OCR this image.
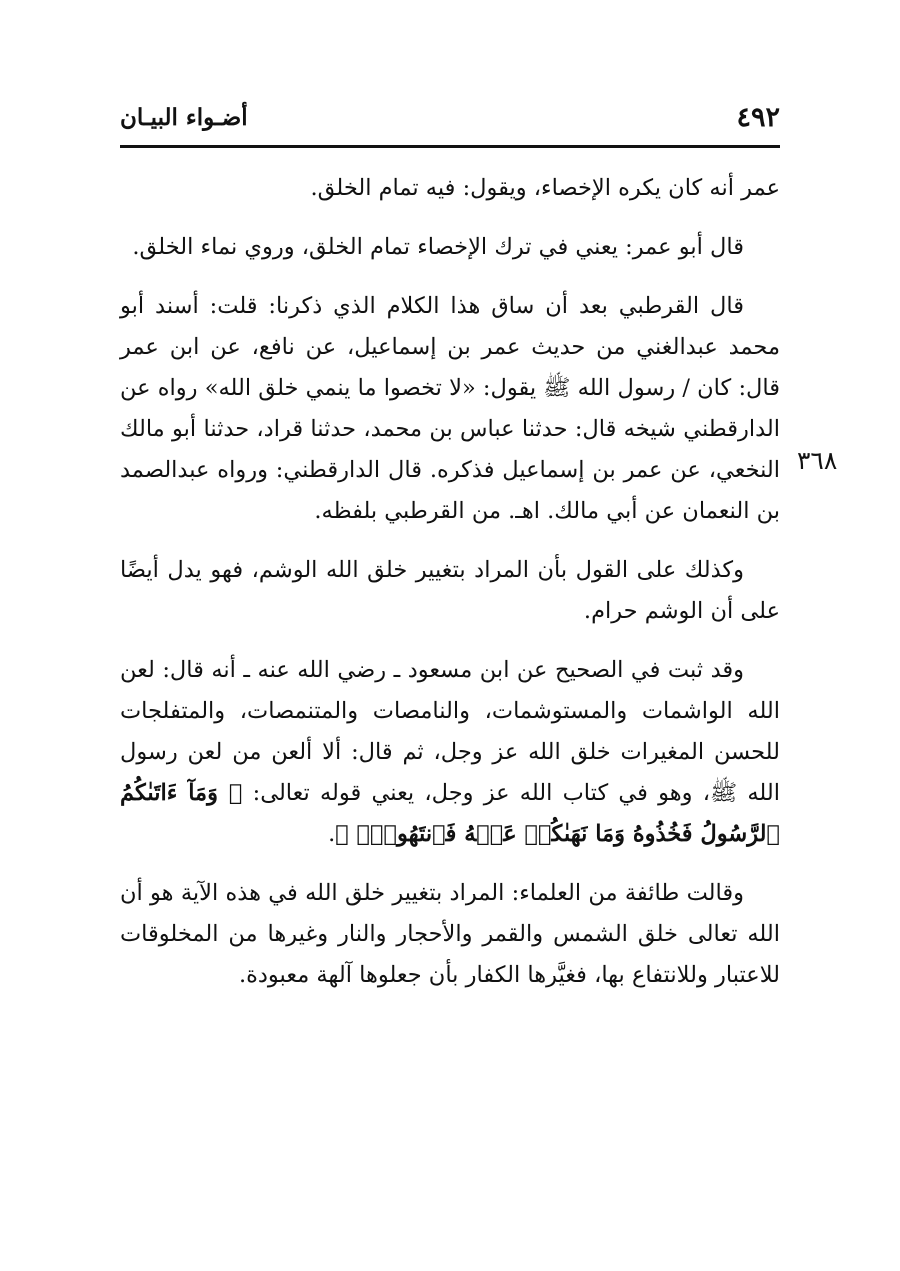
٤٩٢
أضـواء البيـان
٣٦٨

عمر أنه كان يكره الإخصاء، ويقول: فيه تمام الخلق.

قال أبو عمر: يعني في ترك الإخصاء تمام الخلق، وروي نماء الخلق.

قال القرطبي بعد أن ساق هذا الكلام الذي ذكرنا: قلت: أسند أبو محمد عبدالغني من حديث عمر بن إسماعيل، عن نافع، عن ابن عمر قال: كان / رسول الله ﷺ يقول: «لا تخصوا ما ينمي خلق الله» رواه عن الدارقطني شيخه قال: حدثنا عباس بن محمد، حدثنا قراد، حدثنا أبو مالك النخعي، عن عمر بن إسماعيل فذكره. قال الدارقطني: ورواه عبدالصمد بن النعمان عن أبي مالك. اهـ. من القرطبي بلفظه.

وكذلك على القول بأن المراد بتغيير خلق الله الوشم، فهو يدل أيضًا على أن الوشم حرام.

وقد ثبت في الصحيح عن ابن مسعود ـ رضي الله عنه ـ أنه قال: لعن الله الواشمات والمستوشمات، والنامصات والمتنمصات، والمتفلجات للحسن المغيرات خلق الله عز وجل، ثم قال: ألا ألعن من لعن رسول الله ﷺ، وهو في كتاب الله عز وجل، يعني قوله تعالى: ﴿ وَمَآ ءَاتَىٰكُمُ ٱلرَّسُولُ فَخُذُوهُ وَمَا نَهَىٰكُمۡ عَنۡهُ فَٱنتَهُواْۚ ﴾.

وقالت طائفة من العلماء: المراد بتغيير خلق الله في هذه الآية هو أن الله تعالى خلق الشمس والقمر والأحجار والنار وغيرها من المخلوقات للاعتبار وللانتفاع بها، فغيَّرها الكفار بأن جعلوها آلهة معبودة.
